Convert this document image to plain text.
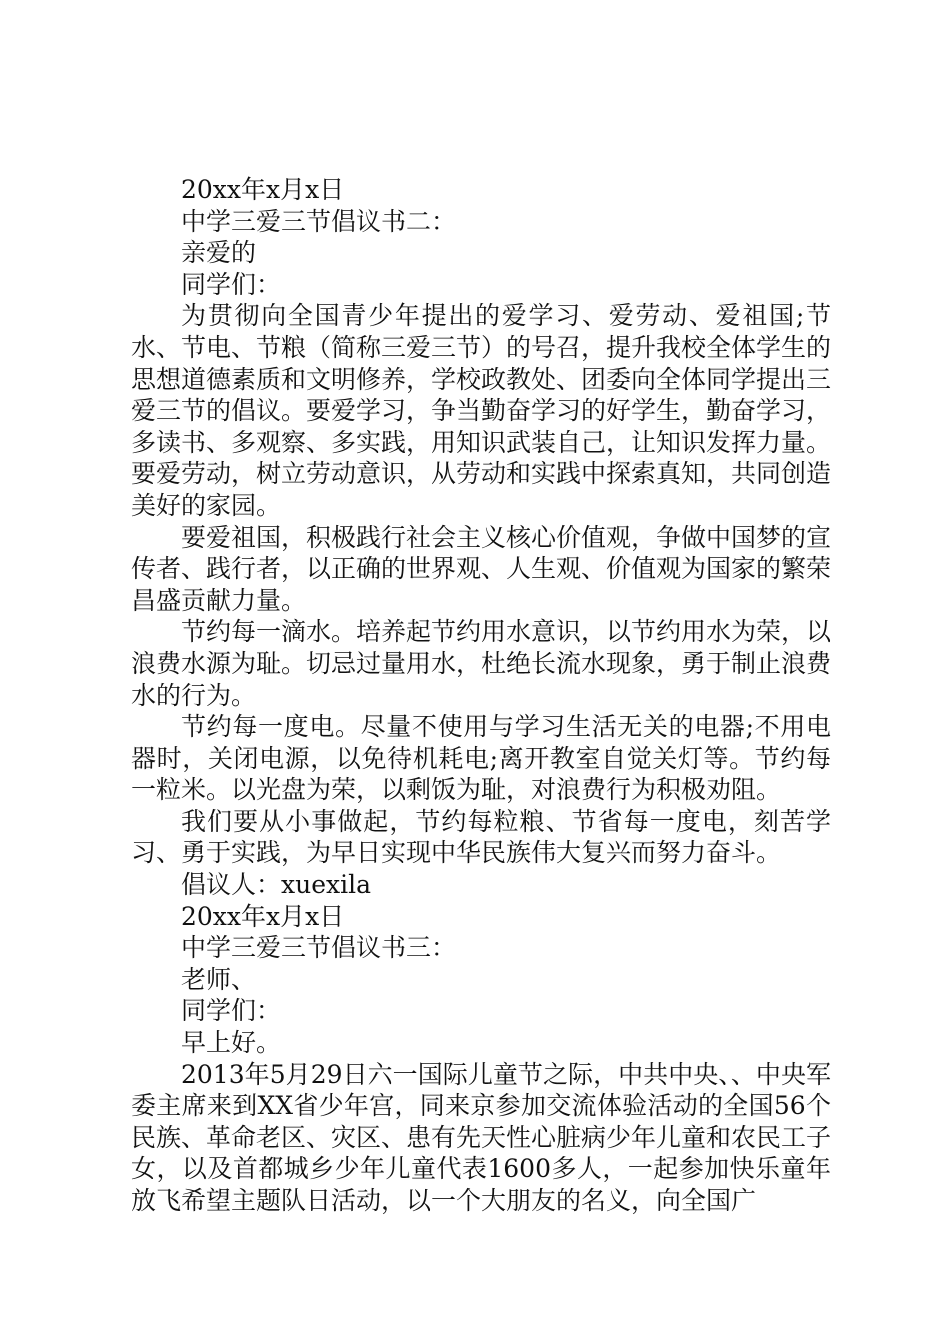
20xx年x月x日

中学三爱三节倡议书二：

亲爱的

同学们：

为贯彻向全国青少年提出的爱学习、爱劳动、爱祖国;节水、节电、节粮（简称三爱三节）的号召，提升我校全体学生的思想道德素质和文明修养，学校政教处、团委向全体同学提出三爱三节的倡议。要爱学习，争当勤奋学习的好学生，勤奋学习，多读书、多观察、多实践，用知识武装自己，让知识发挥力量。要爱劳动，树立劳动意识，从劳动和实践中探索真知，共同创造美好的家园。

要爱祖国，积极践行社会主义核心价值观，争做中国梦的宣传者、践行者，以正确的世界观、人生观、价值观为国家的繁荣昌盛贡献力量。

节约每一滴水。培养起节约用水意识，以节约用水为荣，以浪费水源为耻。切忌过量用水，杜绝长流水现象，勇于制止浪费水的行为。

节约每一度电。尽量不使用与学习生活无关的电器;不用电器时，关闭电源，以免待机耗电;离开教室自觉关灯等。节约每一粒米。以光盘为荣，以剩饭为耻，对浪费行为积极劝阻。

我们要从小事做起，节约每粒粮、节省每一度电，刻苦学习、勇于实践，为早日实现中华民族伟大复兴而努力奋斗。

倡议人：xuexila

20xx年x月x日

中学三爱三节倡议书三：

老师、

同学们：

早上好。

2013年5月29日六一国际儿童节之际，中共中央、、中央军委主席来到XX省少年宫，同来京参加交流体验活动的全国56个民族、革命老区、灾区、患有先天性心脏病少年儿童和农民工子女，以及首都城乡少年儿童代表1600多人，一起参加快乐童年放飞希望主题队日活动，以一个大朋友的名义，向全国广
